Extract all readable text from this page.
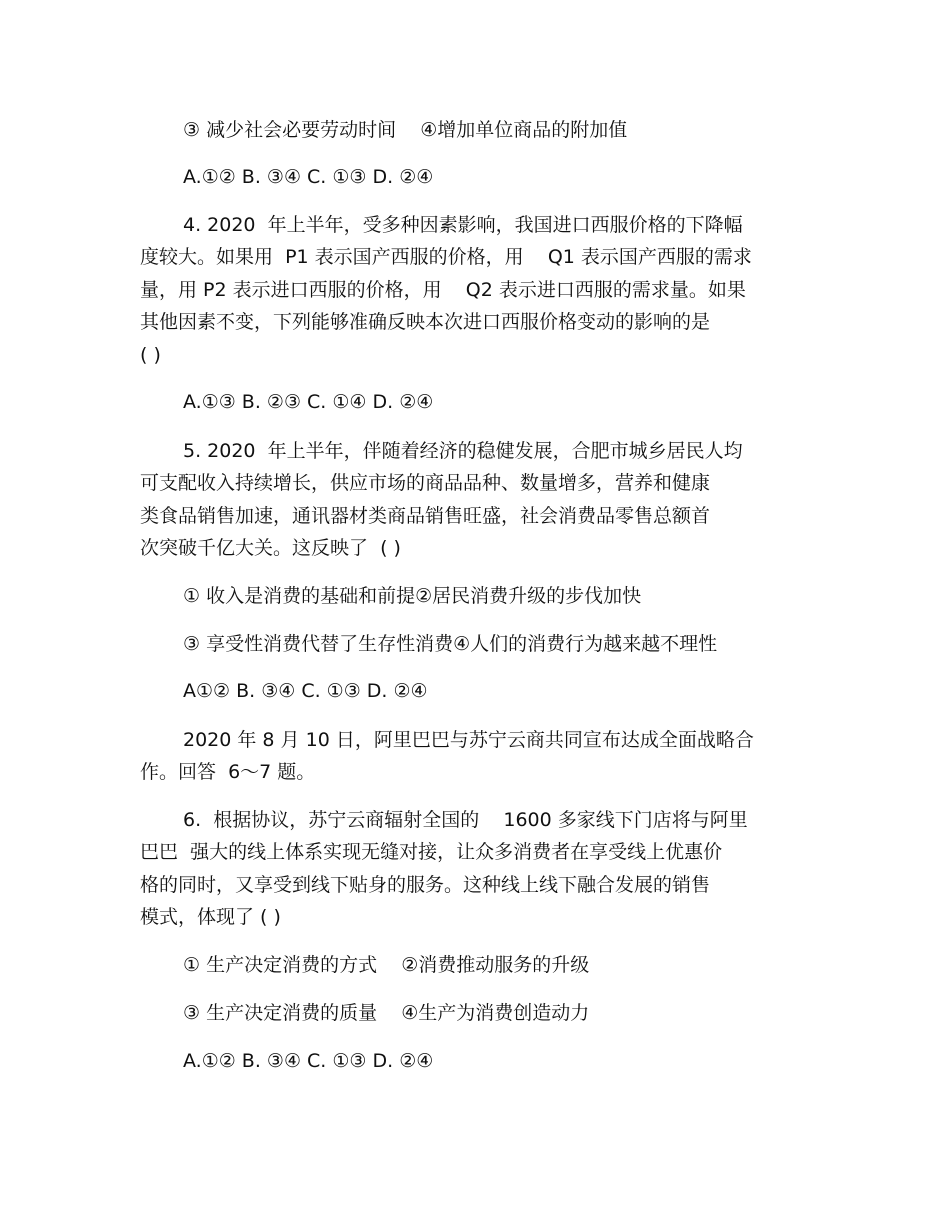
③ 减少社会必要劳动时间    ④增加单位商品的附加值
A.①② B. ③④ C. ①③ D. ②④
4. 2020  年上半年，受多种因素影响，我国进口西服价格的下降幅
度较大。如果用  P1 表示国产西服的价格，用    Q1 表示国产西服的需求
量，用 P2 表示进口西服的价格，用    Q2 表示进口西服的需求量。如果
其他因素不变，下列能够准确反映本次进口西服价格变动的影响的是
( )
A.①③ B. ②③ C. ①④ D. ②④
5. 2020  年上半年，伴随着经济的稳健发展，合肥市城乡居民人均
可支配收入持续增长，供应市场的商品品种、数量增多，营养和健康
类食品销售加速，通讯器材类商品销售旺盛，社会消费品零售总额首
次突破千亿大关。这反映了  ( )
① 收入是消费的基础和前提②居民消费升级的步伐加快
③ 享受性消费代替了生存性消费④人们的消费行为越来越不理性
A①② B. ③④ C. ①③ D. ②④
2020 年 8 月 10 日，阿里巴巴与苏宁云商共同宣布达成全面战略合
作。回答  6～7 题。
6.  根据协议，苏宁云商辐射全国的    1600 多家线下门店将与阿里
巴巴  强大的线上体系实现无缝对接，让众多消费者在享受线上优惠价
格的同时，又享受到线下贴身的服务。这种线上线下融合发展的销售
模式，体现了 ( )
① 生产决定消费的方式    ②消费推动服务的升级
③ 生产决定消费的质量    ④生产为消费创造动力
A.①② B. ③④ C. ①③ D. ②④
